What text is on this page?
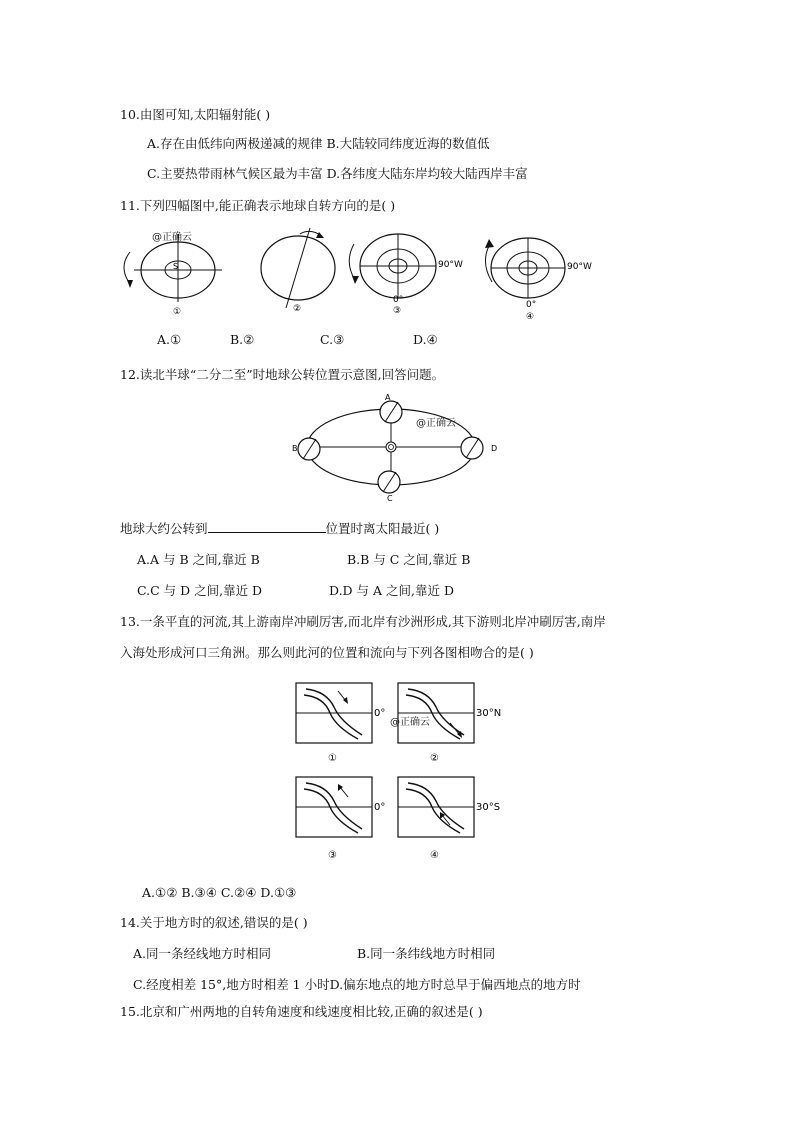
10.由图可知,太阳辐射能( )
A.存在由低纬向两极递减的规律 B.大陆较同纬度近海的数值低
C.主要热带雨林气候区最为丰富 D.各纬度大陆东岸均较大陆西岸丰富
11.下列四幅图中,能正确表示地球自转方向的是( )
S
①	②
90°W
0°
③
90°W
0°
④
@正确云
A.①	B.②	C.③	D.④
12.读北半球“二分二至”时地球公转位置示意图,回答问题。
A
B
C
D
@正确云
地球大约公转到	位置时离太阳最近( )
A.A 与 B 之间,靠近 B	B.B 与 C 之间,靠近 B
C.C 与 D 之间,靠近 D	D.D 与 A 之间,靠近 D
13.一条平直的河流,其上游南岸冲刷厉害,而北岸有沙洲形成,其下游则北岸冲刷厉害,南岸
入海处形成河口三角洲。那么则此河的位置和流向与下列各图相吻合的是( )
0°
①
30°N
②
0°
③
30°S
④
@正确云
A.①② B.③④ C.②④ D.①③
14.关于地方时的叙述,错误的是( )
A.同一条经线地方时相同	B.同一条纬线地方时相同
C.经度相差 15°,地方时相差 1 小时D.偏东地点的地方时总早于偏西地点的地方时
15.北京和广州两地的自转角速度和线速度相比较,正确的叙述是( )
